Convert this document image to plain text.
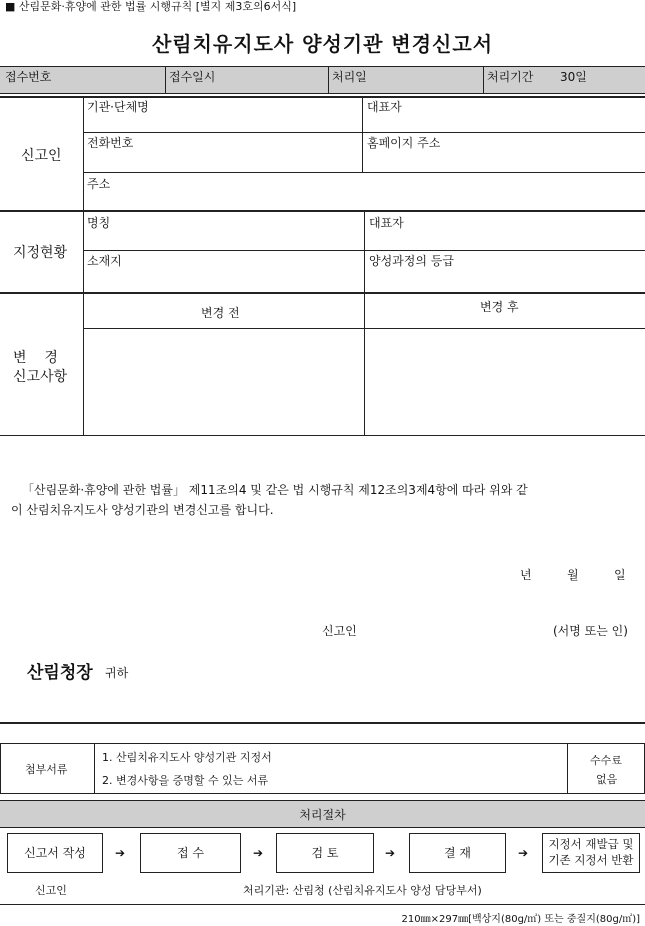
■ 산림문화·휴양에 관한 법률 시행규칙 [별지 제3호의6서식]
산림치유지도사 양성기관 변경신고서
접수번호	접수일시	처리일	처리기간 30일
신고인
기관·단체명	대표자
전화번호	홈페이지 주소
주소
지정현황
명칭	대표자
소재지	양성과정의 등급
변    경
신고사항
변경 전	변경 후
「산림문화·휴양에 관한 법률」 제11조의4 및 같은 법 시행규칙 제12조의3제4항에 따라 위와 같
이 산림치유지도사 양성기관의 변경신고를 합니다.
년	월	일
신고인	(서명 또는 인)
산림청장 귀하
첨부서류
1. 산림치유지도사 양성기관 지정서
2. 변경사항을 증명할 수 있는 서류
수수료
없음
처리절차
신고서 작성 ➔	접 수	➔	검 토	➔	결 재	➔
지정서 재발급 및
기존 지정서 반환
신고인	처리기관: 산림청 (산림치유지도사 양성 담당부서)
210㎜×297㎜[백상지(80g/㎡) 또는 중질지(80g/㎡)]
